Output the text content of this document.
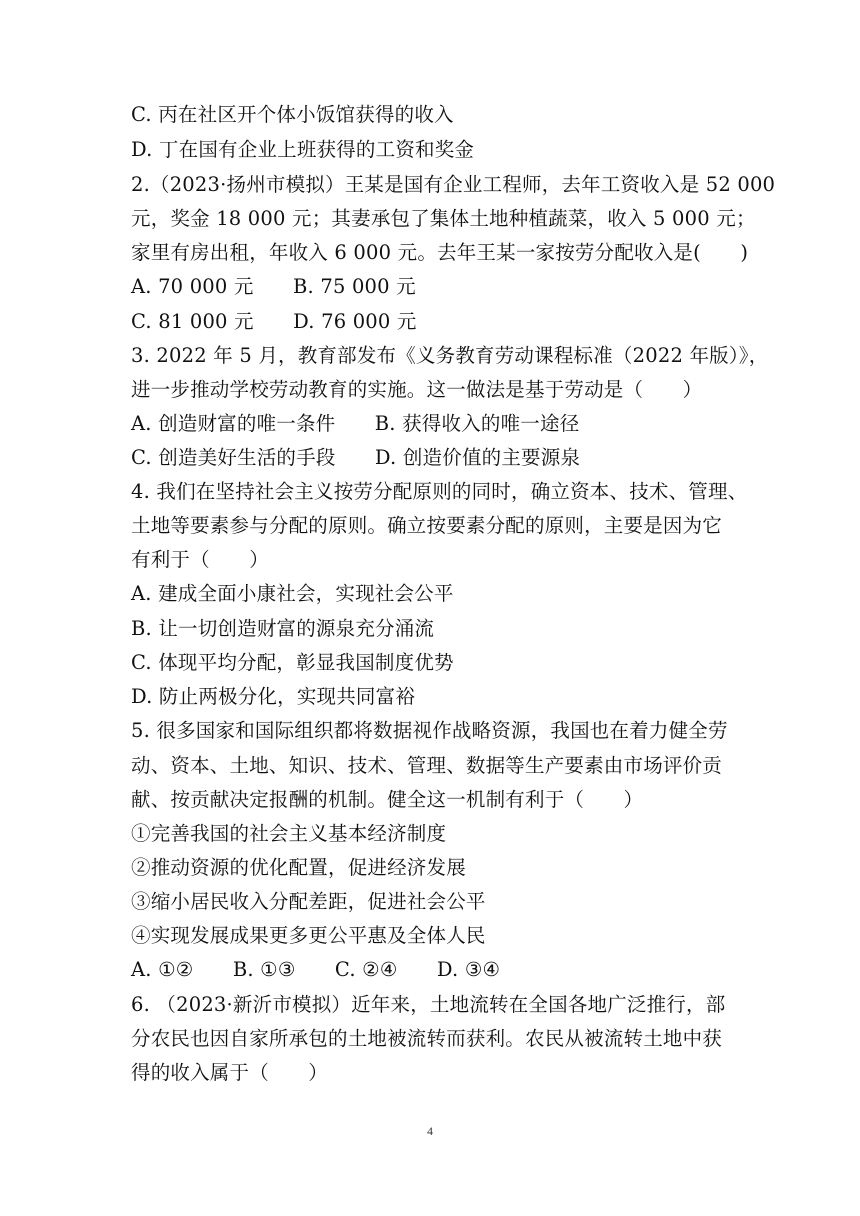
C. 丙在社区开个体小饭馆获得的收入
D. 丁在国有企业上班获得的工资和奖金
2.（2023·扬州市模拟）王某是国有企业工程师，去年工资收入是 52 000
元，奖金 18 000 元；其妻承包了集体土地种植蔬菜，收入 5 000 元；
家里有房出租，年收入 6 000 元。去年王某一家按劳分配收入是(　　)
A. 70 000 元　　B. 75 000 元
C. 81 000 元　　D. 76 000 元
3. 2022 年 5 月，教育部发布《义务教育劳动课程标准（2022 年版）》，
进一步推动学校劳动教育的实施。这一做法是基于劳动是（　　）
A. 创造财富的唯一条件　　B. 获得收入的唯一途径
C. 创造美好生活的手段　　D. 创造价值的主要源泉
4. 我们在坚持社会主义按劳分配原则的同时，确立资本、技术、管理、
土地等要素参与分配的原则。确立按要素分配的原则，主要是因为它
有利于（　　）
A. 建成全面小康社会，实现社会公平
B. 让一切创造财富的源泉充分涌流
C. 体现平均分配，彰显我国制度优势
D. 防止两极分化，实现共同富裕
5. 很多国家和国际组织都将数据视作战略资源，我国也在着力健全劳
动、资本、土地、知识、技术、管理、数据等生产要素由市场评价贡
献、按贡献决定报酬的机制。健全这一机制有利于（　　）
①完善我国的社会主义基本经济制度
②推动资源的优化配置，促进经济发展
③缩小居民收入分配差距，促进社会公平
④实现发展成果更多更公平惠及全体人民
A. ①②　　B. ①③　　C. ②④　　D. ③④
6. （2023·新沂市模拟）近年来，土地流转在全国各地广泛推行，部
分农民也因自家所承包的土地被流转而获利。农民从被流转土地中获
得的收入属于（　　）
4
